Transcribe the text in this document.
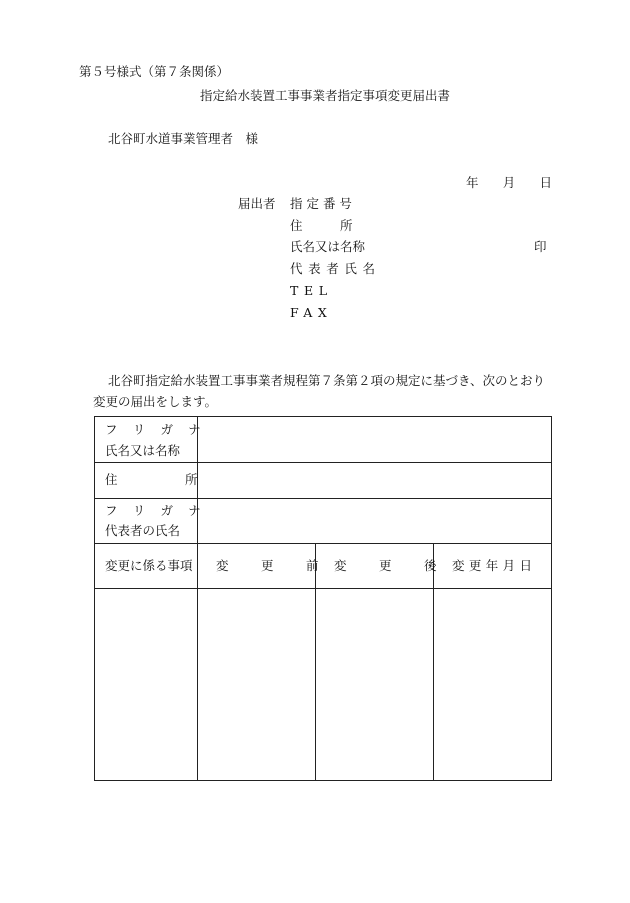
第５号様式（第７条関係）
指定給水装置工事事業者指定事項変更届出書
北谷町水道事業管理者　様
年 月 日
届出者 指 定 番 号
住　　　所
氏名又は名称
代表者氏名
TEL
FAX
印
北谷町指定給水装置工事事業者規程第７条第２項の規定に基づき、次のとおり変更の届出をします。
フ リ ガ ナ
氏名又は名称
住　　　所
フ リ ガ ナ
代表者の氏名
変更に係る事項 変　更　前 変　更　後 変更年月日
